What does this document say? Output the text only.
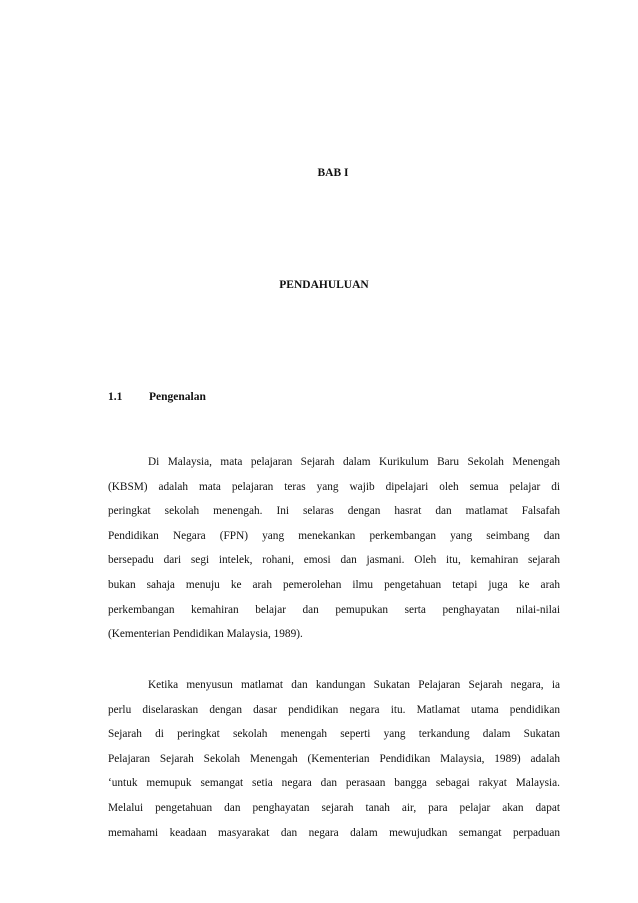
BAB I
PENDAHULUAN
1.1 Pengenalan

Di Malaysia, mata pelajaran Sejarah dalam Kurikulum Baru Sekolah Menengah
(KBSM) adalah mata pelajaran teras yang wajib dipelajari oleh semua pelajar di
peringkat sekolah menengah. Ini selaras dengan hasrat dan matlamat Falsafah
Pendidikan Negara (FPN) yang menekankan perkembangan yang seimbang dan
bersepadu dari segi intelek, rohani, emosi dan jasmani. Oleh itu, kemahiran sejarah
bukan sahaja menuju ke arah pemerolehan ilmu pengetahuan tetapi juga ke arah
perkembangan kemahiran belajar dan pemupukan serta penghayatan nilai-nilai
(Kementerian Pendidikan Malaysia, 1989).

Ketika menyusun matlamat dan kandungan Sukatan Pelajaran Sejarah negara, ia
perlu diselaraskan dengan dasar pendidikan negara itu. Matlamat utama pendidikan
Sejarah di peringkat sekolah menengah seperti yang terkandung dalam Sukatan
Pelajaran Sejarah Sekolah Menengah (Kementerian Pendidikan Malaysia, 1989) adalah
‘untuk memupuk semangat setia negara dan perasaan bangga sebagai rakyat Malaysia.
Melalui pengetahuan dan penghayatan sejarah tanah air, para pelajar akan dapat
memahami keadaan masyarakat dan negara dalam mewujudkan semangat perpaduan
